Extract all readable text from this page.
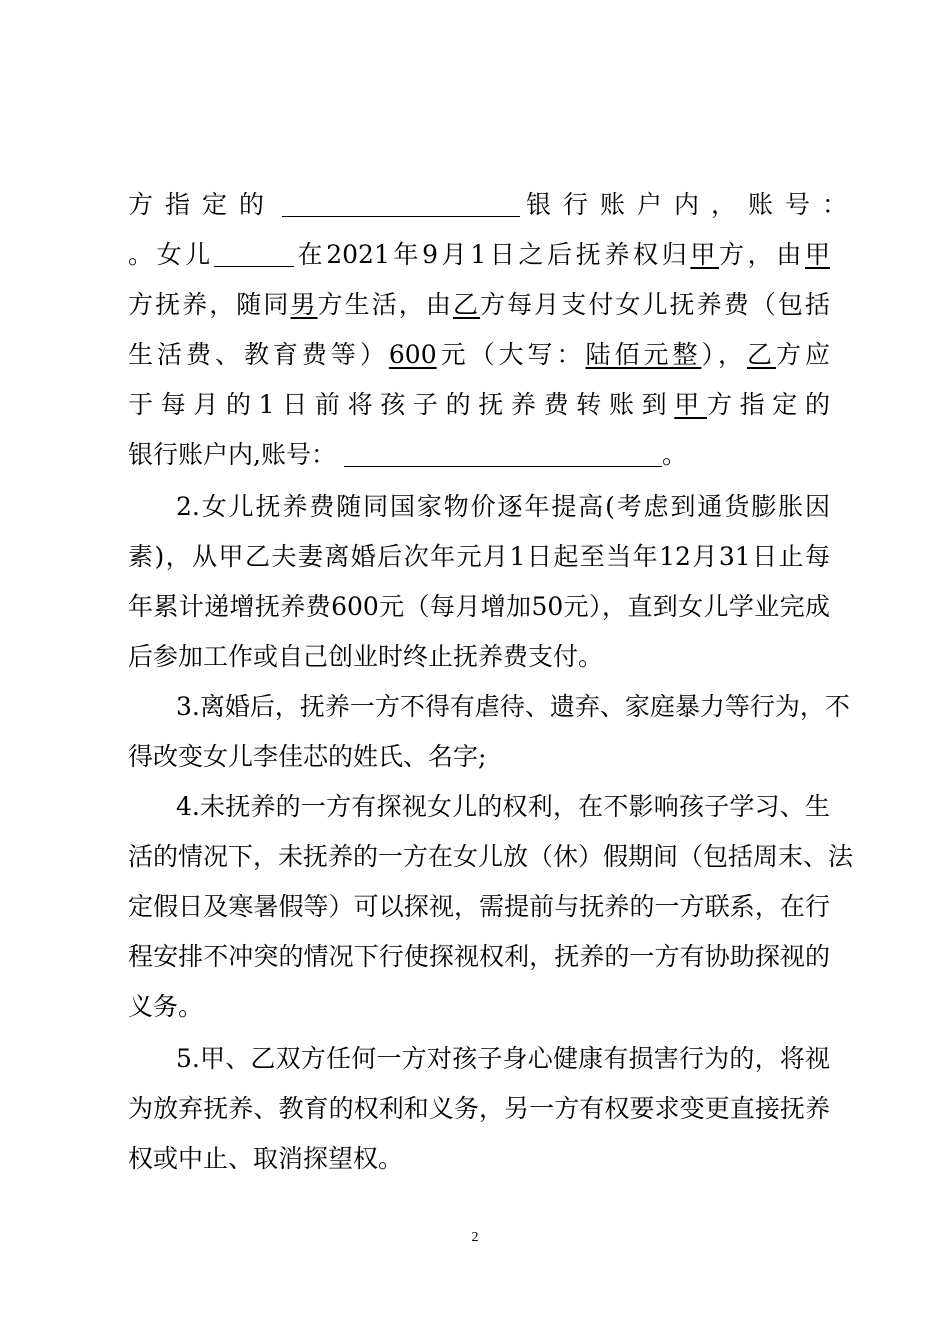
方指定的	银行账户内，账号：
。女儿	在2021年9月1日之后抚养权归甲方，由甲
方抚养，随同男方生活，由乙方每月支付女儿抚养费（包括
生活费、教育费等）600元（大写：陆佰元整），乙方应
于每月的1日前将孩子的抚养费转账到甲方指定的
银行账户内,账号：	。
2.女儿抚养费随同国家物价逐年提高(考虑到通货膨胀因
素)，从甲乙夫妻离婚后次年元月1日起至当年12月31日止每
年累计递增抚养费600元（每月增加50元），直到女儿学业完成
后参加工作或自己创业时终止抚养费支付。
3.离婚后，抚养一方不得有虐待、遗弃、家庭暴力等行为，不
得改变女儿李佳芯的姓氏、名字;
4.未抚养的一方有探视女儿的权利，在不影响孩子学习、生
活的情况下，未抚养的一方在女儿放（休）假期间（包括周末、法
定假日及寒暑假等）可以探视，需提前与抚养的一方联系，在行
程安排不冲突的情况下行使探视权利，抚养的一方有协助探视的
义务。
5.甲、乙双方任何一方对孩子身心健康有损害行为的，将视
为放弃抚养、教育的权利和义务，另一方有权要求变更直接抚养
权或中止、取消探望权。
2
